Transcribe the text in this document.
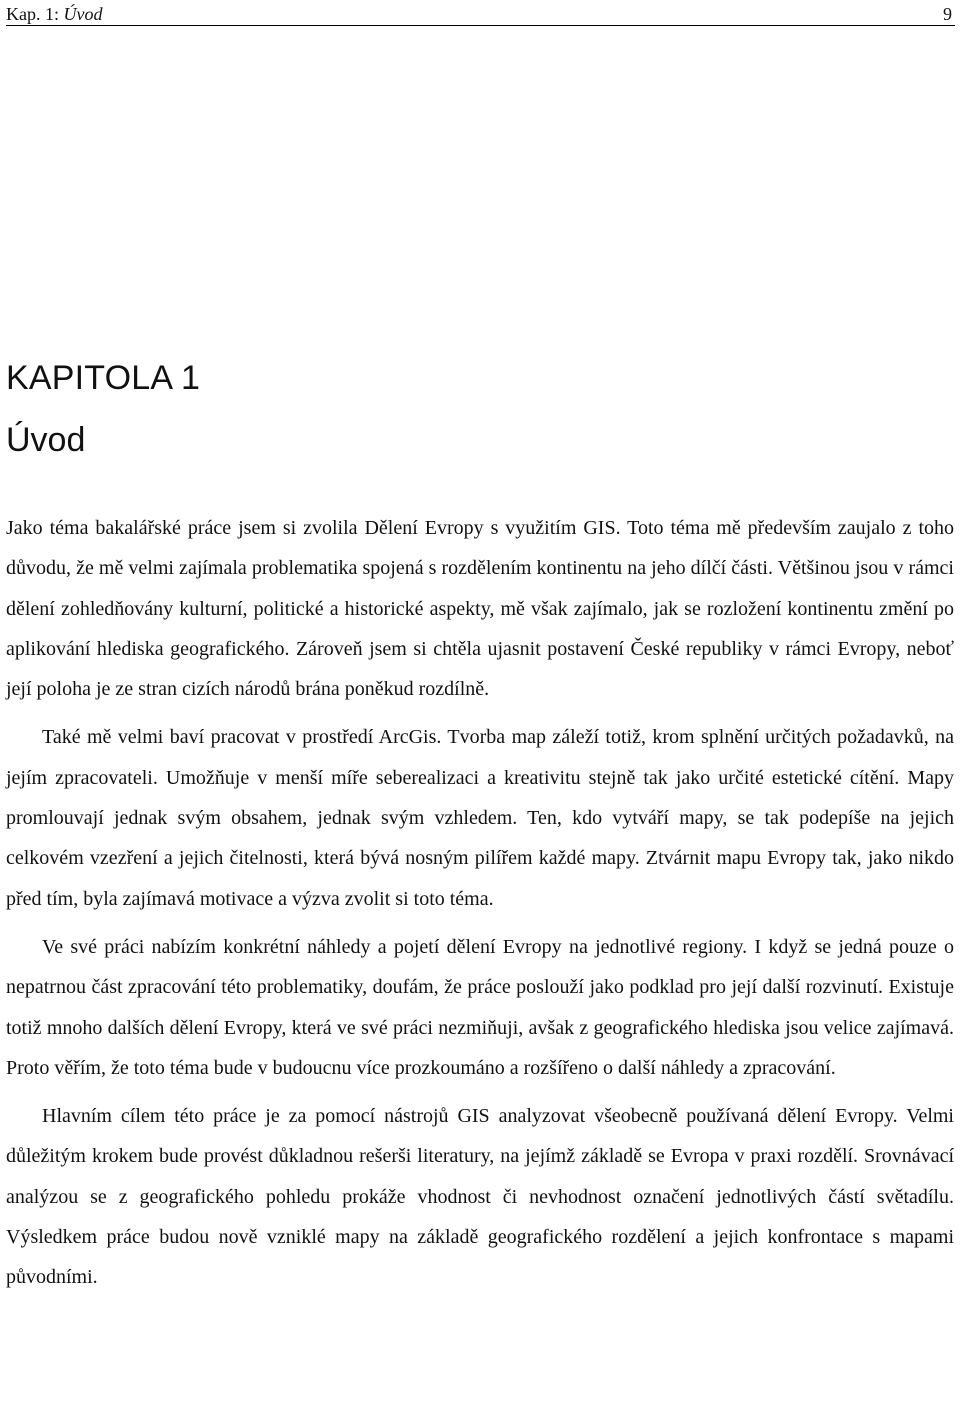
Kap. 1: Úvod	9
KAPITOLA 1
Úvod

Jako téma bakalářské práce jsem si zvolila Dělení Evropy s využitím GIS. Toto téma mě především zaujalo z toho důvodu, že mě velmi zajímala problematika spojená s rozdělením kontinentu na jeho dílčí části. Většinou jsou v rámci dělení zohledňovány kulturní, politické a historické aspekty, mě však zajímalo, jak se rozložení kontinentu změní po aplikování hlediska geografického. Zároveň jsem si chtěla ujasnit postavení České republiky v rámci Evropy, neboť její poloha je ze stran cizích národů brána poněkud rozdílně.

Také mě velmi baví pracovat v prostředí ArcGis. Tvorba map záleží totiž, krom splnění určitých požadavků, na jejím zpracovateli. Umožňuje v menší míře seberealizaci a kreativitu stejně tak jako určité estetické cítění. Mapy promlouvají jednak svým obsahem, jednak svým vzhledem. Ten, kdo vytváří mapy, se tak podepíše na jejich celkovém vzezření a jejich čitelnosti, která bývá nosným pilířem každé mapy. Ztvárnit mapu Evropy tak, jako nikdo před tím, byla zajímavá motivace a výzva zvolit si toto téma.

Ve své práci nabízím konkrétní náhledy a pojetí dělení Evropy na jednotlivé regiony. I když se jedná pouze o nepatrnou část zpracování této problematiky, doufám, že práce poslouží jako podklad pro její další rozvinutí. Existuje totiž mnoho dalších dělení Evropy, která ve své práci nezmiňuji, avšak z geografického hlediska jsou velice zajímavá. Proto věřím, že toto téma bude v budoucnu více prozkoumáno a rozšířeno o další náhledy a zpracování.

Hlavním cílem této práce je za pomocí nástrojů GIS analyzovat všeobecně používaná dělení Evropy. Velmi důležitým krokem bude provést důkladnou rešerši literatury, na jejímž základě se Evropa v praxi rozdělí. Srovnávací analýzou se z geografického pohledu prokáže vhodnost či nevhodnost označení jednotlivých částí světadílu. Výsledkem práce budou nově vzniklé mapy na základě geografického rozdělení a jejich konfrontace s mapami původními.
